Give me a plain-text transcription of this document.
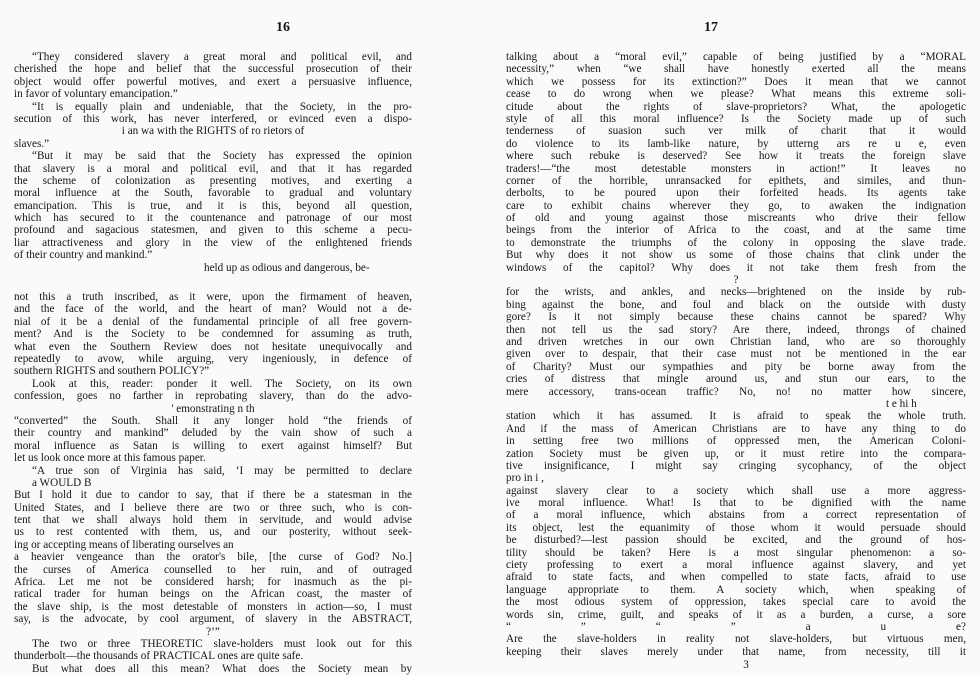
16
“They considered slavery a great moral and political evil, and
cherished the hope and belief that the successful prosecution of their
object would offer powerful motives, and exert a persuasive influence,
in favor of voluntary emancipation.”
“It is equally plain and undeniable, that the Society, in the pro-
secution of this work, has never interfered, or evinced even a dispo-
i an wa with the RIGHTS of ro rietors of
slaves.”
“But it may be said that the Society has expressed the opinion
that slavery is a moral and political evil, and that it has regarded
the scheme of colonization as presenting motives, and exerting a
moral influence at the South, favorable to gradual and voluntary
emancipation. This is true, and it is this, beyond all question,
which has secured to it the countenance and patronage of our most
profound and sagacious statesmen, and given to this scheme a pecu-
liar attractiveness and glory in the view of the enlightened friends
of their country and mankind.”
held up as odious and dangerous, be-
not this a truth inscribed, as it were, upon the firmament of heaven,
and the face of the world, and the heart of man? Would not a de-
nial of it be a denial of the fundamental principle of all free govern-
ment? And is the Society to be condemned for assuming as truth,
what even the Southern Review does not hesitate unequivocally and
repeatedly to avow, while arguing, very ingeniously, in defence of
southern RIGHTS and southern POLICY?”
Look at this, reader: ponder it well. The Society, on its own
confession, goes no farther in reprobating slavery, than do the advo-
' emonstrating n th
“converted” the South. Shall it any longer hold “the friends of
their country and mankind” deluded by the vain show of such a
moral influence as Satan is willing to exert against himself? But
let us look once more at this famous paper.
“A true son of Virginia has said, ‘I may be permitted to declare
a WOULD B
But I hold it due to candor to say, that if there be a statesman in the
United States, and I believe there are two or three such, who is con-
tent that we shall always hold them in servitude, and would advise
us to rest contented with them, us, and our posterity, without seek-
ing or accepting means of liberating ourselves an
a heavier vengeance than the orator's bile, [the curse of God? No.]
the curses of America counselled to her ruin, and of outraged
Africa. Let me not be considered harsh; for inasmuch as the pi-
ratical trader for human beings on the African coast, the master of
the slave ship, is the most detestable of monsters in action—so, I must
say, is the advocate, by cool argument, of slavery in the ABSTRACT,
?’”
The two or three THEORETIC slave-holders must look out for this
thunderbolt—the thousands of PRACTICAL ones are quite safe.
But what does all this mean? What does the Society mean by
17
talking about a “moral evil,” capable of being justified by a “MORAL
necessity,” when “we shall have honestly exerted all the means
which we possess for its extinction?” Does it mean that we cannot
cease to do wrong when we please? What means this extreme soli-
citude about the rights of slave-proprietors? What, the apologetic
style of all this moral influence? Is the Society made up of such
tenderness of suasion such ver milk of charit that it would
do violence to its lamb-like nature, by utterng ars re u e, even
where such rebuke is deserved? See how it treats the foreign slave
traders!—“the most detestable monsters in action!” It leaves no
corner of the horrible, unransacked for epithets, and similes, and thun-
derbolts, to be poured upon their forfeited heads. Its agents take
care to exhibit chains wherever they go, to awaken the indignation
of old and young against those miscreants who drive their fellow
beings from the interior of Africa to the coast, and at the same time
to demonstrate the triumphs of the colony in opposing the slave trade.
But why does it not show us some of those chains that clink under the
windows of the capitol? Why does it not take them fresh from the
?
for the wrists, and ankles, and necks—brightened on the inside by rub-
bing against the bone, and foul and black on the outside with dusty
gore? Is it not simply because these chains cannot be spared? Why
then not tell us the sad story? Are there, indeed, throngs of chained
and driven wretches in our own Christian land, who are so thoroughly
given over to despair, that their case must not be mentioned in the ear
of Charity? Must our sympathies and pity be borne away from the
cries of distress that mingle around us, and stun our ears, to the
mere accessory, trans-ocean traffic? No, no! no matter how sincere,
t e hi h
station which it has assumed. It is afraid to speak the whole truth.
And if the mass of American Christians are to have any thing to do
in setting free two millions of oppressed men, the American Coloni-
zation Society must be given up, or it must retire into the compara-
tive insignificance, I might say cringing sycophancy, of the object
pro in i ,
against slavery clear to a society which shall use a more aggress-
ive moral influence. What! Is that to be dignified with the name
of a moral influence, which abstains from a correct representation of
its object, lest the equanimity of those whom it would persuade should
be disturbed?—lest passion should be excited, and the ground of hos-
tility should be taken? Here is a most singular phenomenon: a so-
ciety professing to exert a moral influence against slavery, and yet
afraid to state facts, and when compelled to state facts, afraid to use
language appropriate to them. A society which, when speaking of
the most odious system of oppression, takes special care to avoid the
words sin, crime, guilt, and speaks of it as a burden, a curse, a sore
“ ” “ ” a u e?
Are the slave-holders in reality not slave-holders, but virtuous men,
keeping their slaves merely under that name, from necessity, till it
3
